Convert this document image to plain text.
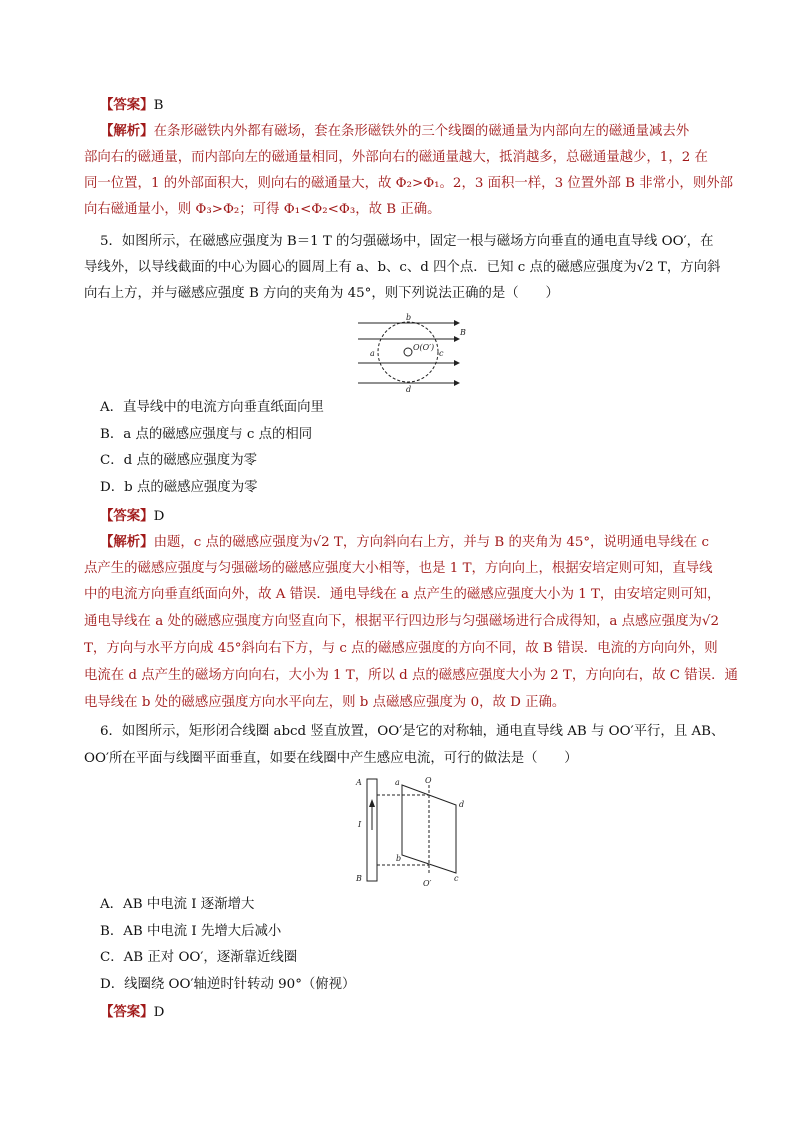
【答案】B
【解析】在条形磁铁内外都有磁场，套在条形磁铁外的三个线圈的磁通量为内部向左的磁通量减去外
部向右的磁通量，而内部向左的磁通量相同，外部向右的磁通量越大，抵消越多，总磁通量越少，1，2 在
同一位置，1 的外部面积大，则向右的磁通量大，故 Φ₂>Φ₁。2，3 面积一样，3 位置外部 B 非常小，则外部
向右磁通量小，则 Φ₃>Φ₂；可得 Φ₁<Φ₂<Φ₃，故 B 正确。
5．如图所示，在磁感应强度为 B＝1 T 的匀强磁场中，固定一根与磁场方向垂直的通电直导线 OO′，在
导线外，以导线截面的中心为圆心的圆周上有 a、b、c、d 四个点．已知 c 点的磁感应强度为√2 T，方向斜
向右上方，并与磁感应强度 B 方向的夹角为 45°，则下列说法正确的是（　　）
b
B
O(O′)
a	c
d
A．直导线中的电流方向垂直纸面向里
B．a 点的磁感应强度与 c 点的相同
C．d 点的磁感应强度为零
D．b 点的磁感应强度为零
【答案】D
【解析】由题，c 点的磁感应强度为√2 T，方向斜向右上方，并与 B 的夹角为 45°，说明通电导线在 c
点产生的磁感应强度与匀强磁场的磁感应强度大小相等，也是 1 T，方向向上，根据安培定则可知，直导线
中的电流方向垂直纸面向外，故 A 错误．通电导线在 a 点产生的磁感应强度大小为 1 T，由安培定则可知，
通电导线在 a 处的磁感应强度方向竖直向下，根据平行四边形与匀强磁场进行合成得知，a 点感应强度为√2
T，方向与水平方向成 45°斜向右下方，与 c 点的磁感应强度的方向不同，故 B 错误．电流的方向向外，则
电流在 d 点产生的磁场方向向右，大小为 1 T，所以 d 点的磁感应强度大小为 2 T，方向向右，故 C 错误．通
电导线在 b 处的磁感应强度方向水平向左，则 b 点磁感应强度为 0，故 D 正确。
6．如图所示，矩形闭合线圈 abcd 竖直放置，OO′是它的对称轴，通电直导线 AB 与 OO′平行，且 AB、
OO′所在平面与线圈平面垂直，如要在线圈中产生感应电流，可行的做法是（　　）
A
B
I
a	O
d
b
c
O′
A．AB 中电流 I 逐渐增大
B．AB 中电流 I 先增大后减小
C．AB 正对 OO′，逐渐靠近线圈
D．线圈绕 OO′轴逆时针转动 90°（俯视）
【答案】D
